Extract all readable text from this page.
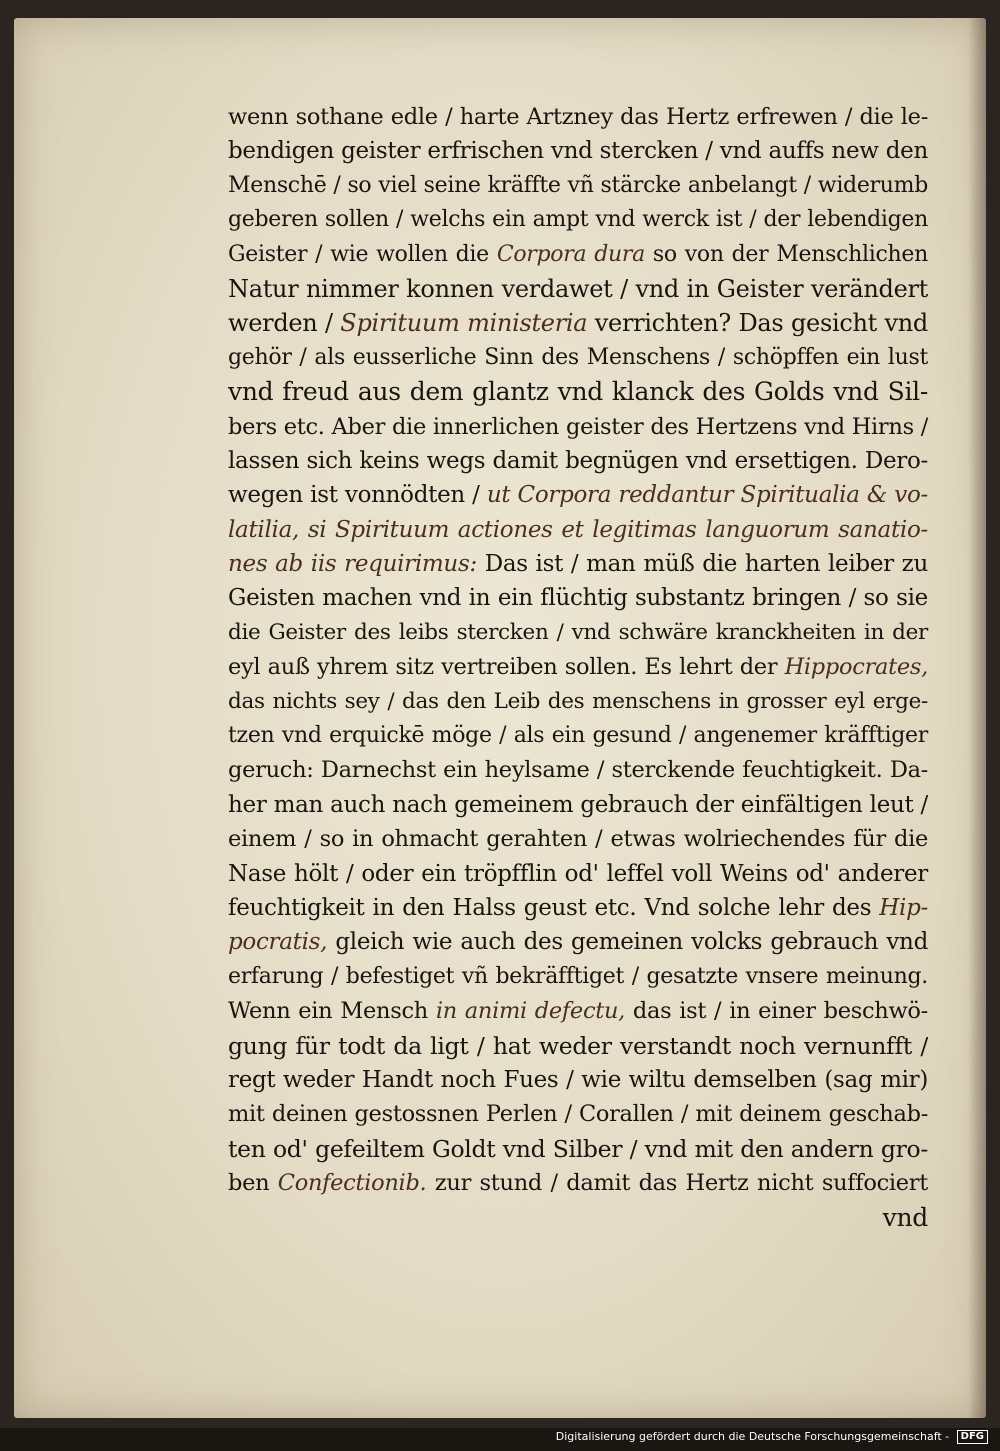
wenn sothane edle / harte Artzney das Hertz erfrewen / die le-
bendigen geister erfrischen vnd stercken / vnd auffs new den
Menschē / so viel seine kräffte vñ stärcke anbelangt / widerumb
geberen sollen / welchs ein ampt vnd werck ist / der lebendigen
Geister / wie wollen die Corpora dura so von der Menschlichen
Natur nimmer konnen verdawet / vnd in Geister verändert
werden / Spirituum ministeria verrichten? Das gesicht vnd
gehör / als eusserliche Sinn des Menschens / schöpffen ein lust
vnd freud aus dem glantz vnd klanck des Golds vnd Sil-
bers etc. Aber die innerlichen geister des Hertzens vnd Hirns /
lassen sich keins wegs damit begnügen vnd ersettigen. Dero-
wegen ist vonnödten / ut Corpora reddantur Spiritualia & vo-
latilia, si Spirituum actiones et legitimas languorum sanatio-
nes ab iis requirimus: Das ist / man müß die harten leiber zu
Geisten machen vnd in ein flüchtig substantz bringen / so sie
die Geister des leibs stercken / vnd schwäre kranckheiten in der
eyl auß yhrem sitz vertreiben sollen. Es lehrt der Hippocrates,
das nichts sey / das den Leib des menschens in grosser eyl erge-
tzen vnd erquickē möge / als ein gesund / angenemer kräfftiger
geruch: Darnechst ein heylsame / sterckende feuchtigkeit. Da-
her man auch nach gemeinem gebrauch der einfältigen leut /
einem / so in ohmacht gerahten / etwas wolriechendes für die
Nase hölt / oder ein tröpfflin od' leffel voll Weins od' anderer
feuchtigkeit in den Halss geust etc. Vnd solche lehr des Hip-
pocratis, gleich wie auch des gemeinen volcks gebrauch vnd
erfarung / befestiget vñ bekräfftiget / gesatzte vnsere meinung.
Wenn ein Mensch in animi defectu, das ist / in einer beschwö-
gung für todt da ligt / hat weder verstandt noch vernunfft /
regt weder Handt noch Fues / wie wiltu demselben (sag mir)
mit deinen gestossnen Perlen / Corallen / mit deinem geschab-
ten od' gefeiltem Goldt vnd Silber / vnd mit den andern gro-
ben Confectionib. zur stund / damit das Hertz nicht suffociert
vnd
Digitalisierung gefördert durch die Deutsche Forschungsgemeinschaft - DFG
